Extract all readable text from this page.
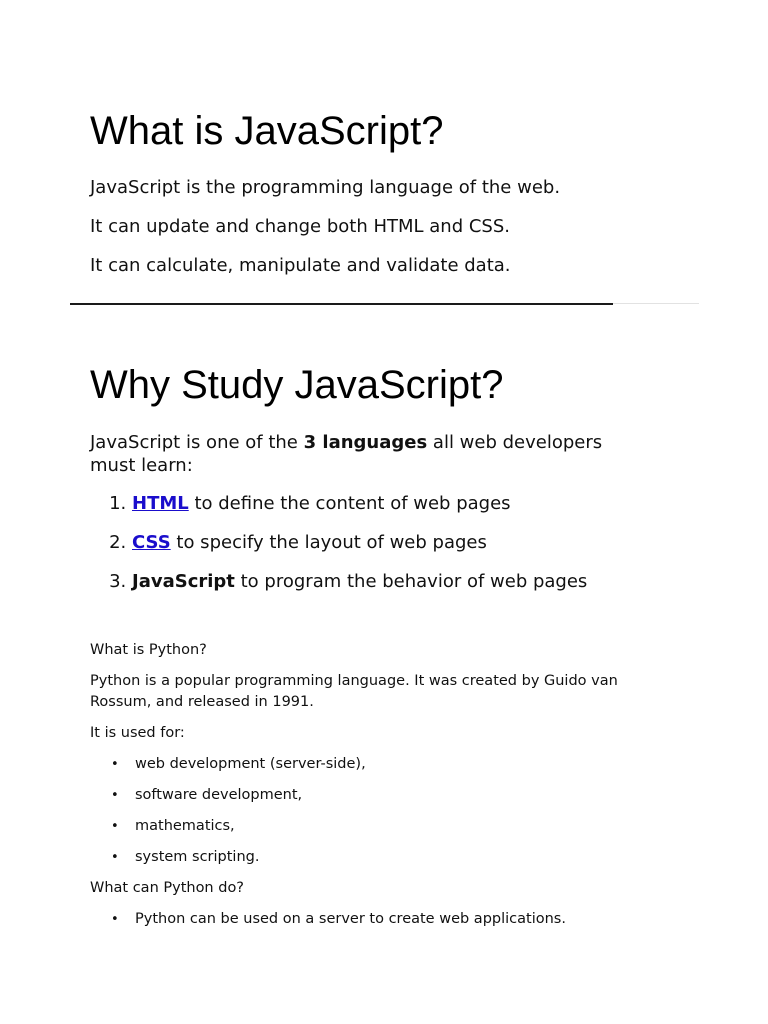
What is JavaScript?

JavaScript is the programming language of the web.

It can update and change both HTML and CSS.

It can calculate, manipulate and validate data.

Why Study JavaScript?

JavaScript is one of the 3 languages all web developers must learn:

1. HTML to define the content of web pages
2. CSS to specify the layout of web pages
3. JavaScript to program the behavior of web pages

What is Python?

Python is a popular programming language. It was created by Guido van Rossum, and released in 1991.

It is used for:

• web development (server-side),
• software development,
• mathematics,
• system scripting.

What can Python do?

• Python can be used on a server to create web applications.
